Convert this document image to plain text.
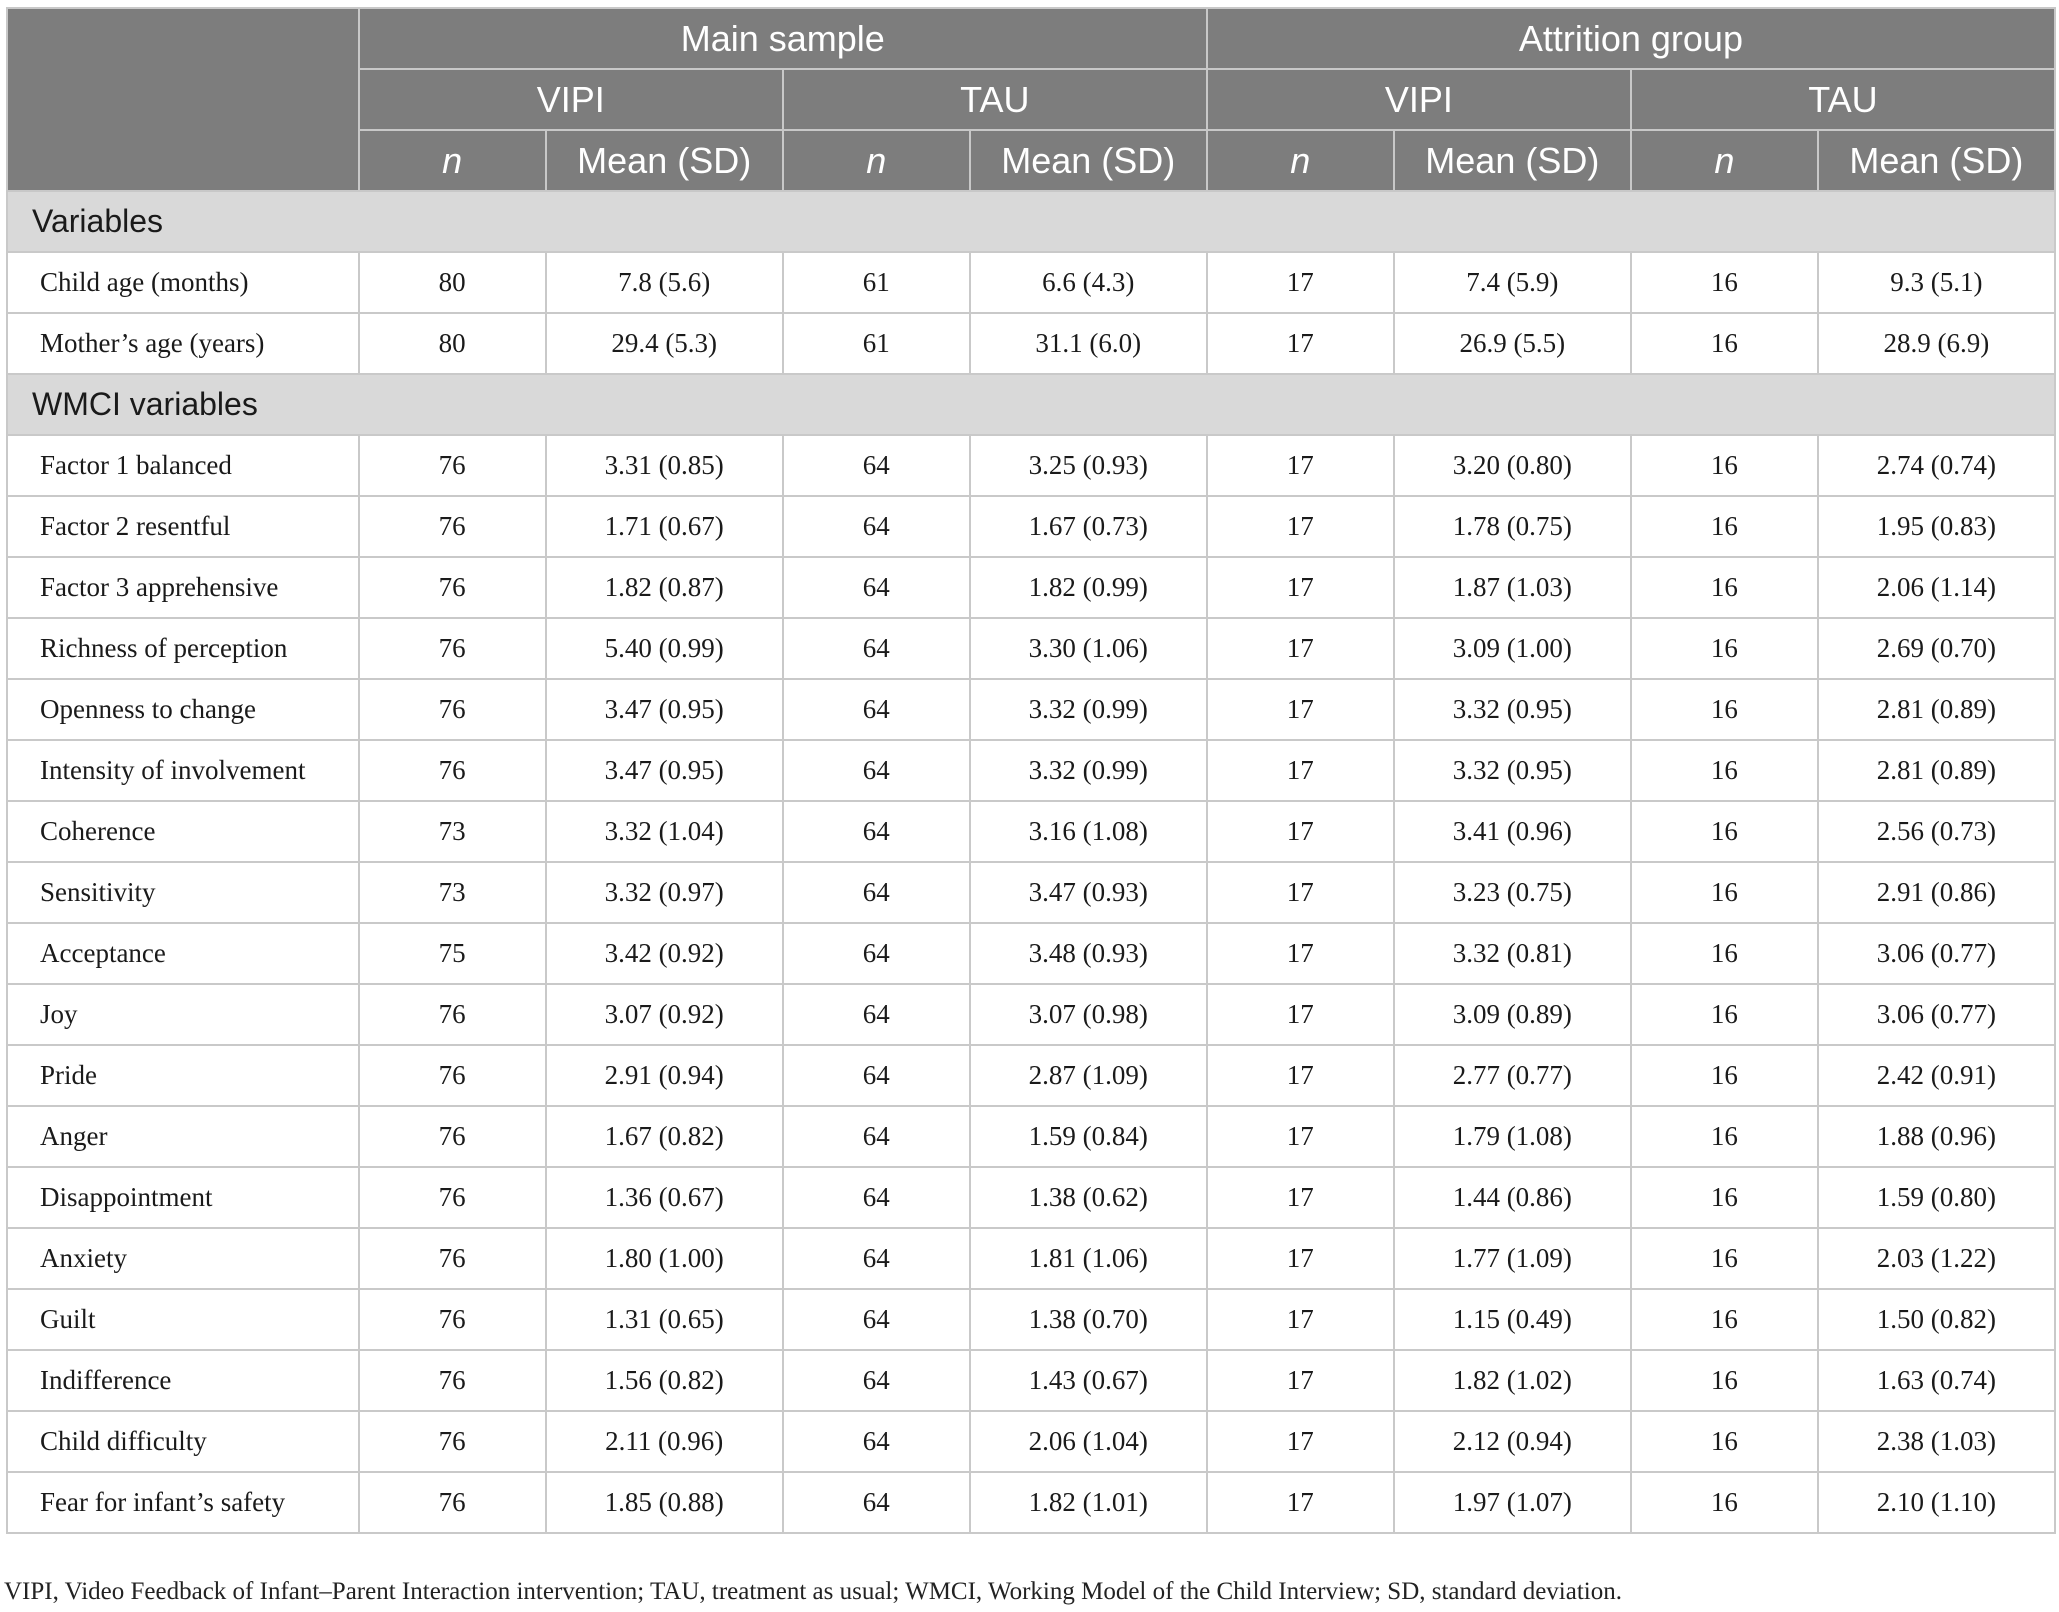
	Main sample				Attrition group			
	VIPI		TAU		VIPI		TAU	
	n	Mean (SD)	n	Mean (SD)	n	Mean (SD)	n	Mean (SD)
Variables								
Child age (months)	80	7.8 (5.6)	61	6.6 (4.3)	17	7.4 (5.9)	16	9.3 (5.1)
Mother’s age (years)	80	29.4 (5.3)	61	31.1 (6.0)	17	26.9 (5.5)	16	28.9 (6.9)
WMCI variables								
Factor 1 balanced	76	3.31 (0.85)	64	3.25 (0.93)	17	3.20 (0.80)	16	2.74 (0.74)
Factor 2 resentful	76	1.71 (0.67)	64	1.67 (0.73)	17	1.78 (0.75)	16	1.95 (0.83)
Factor 3 apprehensive	76	1.82 (0.87)	64	1.82 (0.99)	17	1.87 (1.03)	16	2.06 (1.14)
Richness of perception	76	5.40 (0.99)	64	3.30 (1.06)	17	3.09 (1.00)	16	2.69 (0.70)
Openness to change	76	3.47 (0.95)	64	3.32 (0.99)	17	3.32 (0.95)	16	2.81 (0.89)
Intensity of involvement	76	3.47 (0.95)	64	3.32 (0.99)	17	3.32 (0.95)	16	2.81 (0.89)
Coherence	73	3.32 (1.04)	64	3.16 (1.08)	17	3.41 (0.96)	16	2.56 (0.73)
Sensitivity	73	3.32 (0.97)	64	3.47 (0.93)	17	3.23 (0.75)	16	2.91 (0.86)
Acceptance	75	3.42 (0.92)	64	3.48 (0.93)	17	3.32 (0.81)	16	3.06 (0.77)
Joy	76	3.07 (0.92)	64	3.07 (0.98)	17	3.09 (0.89)	16	3.06 (0.77)
Pride	76	2.91 (0.94)	64	2.87 (1.09)	17	2.77 (0.77)	16	2.42 (0.91)
Anger	76	1.67 (0.82)	64	1.59 (0.84)	17	1.79 (1.08)	16	1.88 (0.96)
Disappointment	76	1.36 (0.67)	64	1.38 (0.62)	17	1.44 (0.86)	16	1.59 (0.80)
Anxiety	76	1.80 (1.00)	64	1.81 (1.06)	17	1.77 (1.09)	16	2.03 (1.22)
Guilt	76	1.31 (0.65)	64	1.38 (0.70)	17	1.15 (0.49)	16	1.50 (0.82)
Indifference	76	1.56 (0.82)	64	1.43 (0.67)	17	1.82 (1.02)	16	1.63 (0.74)
Child difficulty	76	2.11 (0.96)	64	2.06 (1.04)	17	2.12 (0.94)	16	2.38 (1.03)
Fear for infant’s safety	76	1.85 (0.88)	64	1.82 (1.01)	17	1.97 (1.07)	16	2.10 (1.10)
VIPI, Video Feedback of Infant–Parent Interaction intervention; TAU, treatment as usual; WMCI, Working Model of the Child Interview; SD, standard deviation.
